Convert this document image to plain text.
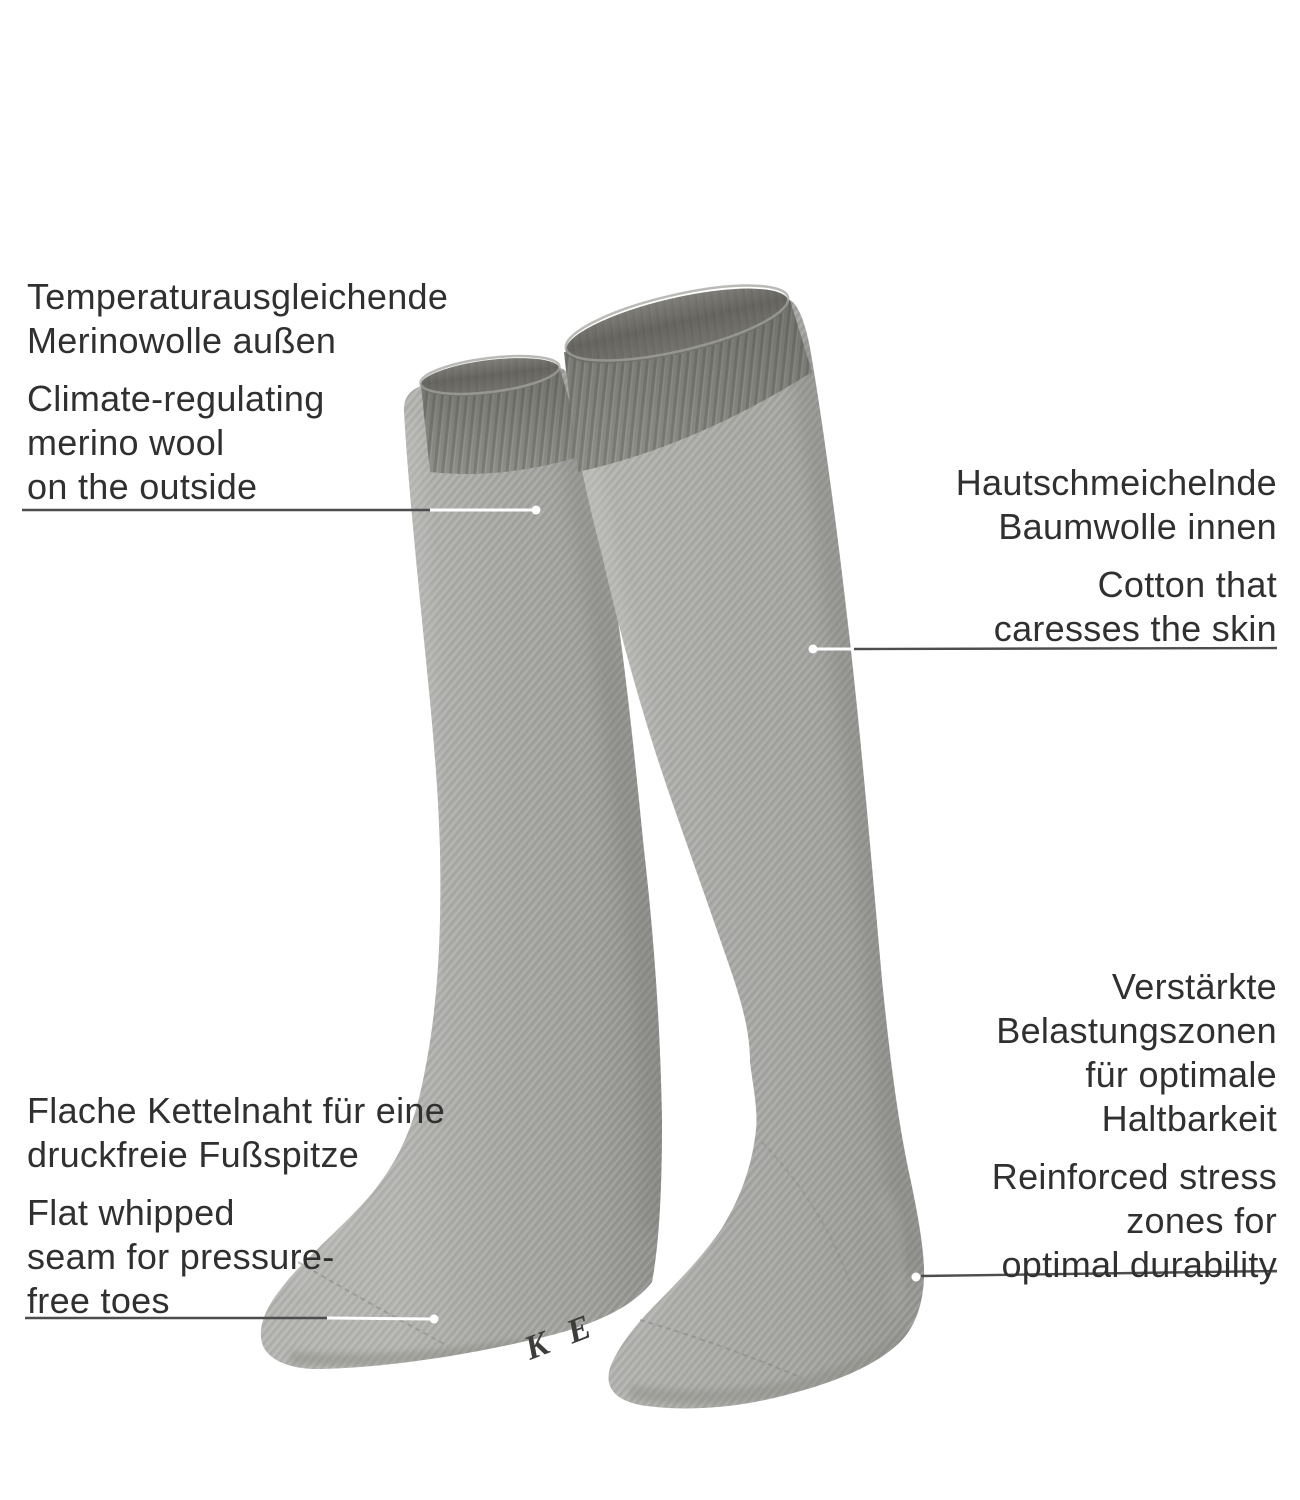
K E
Temperaturausgleichende
Merinowolle außen
Climate-regulating
merino wool
on the outside	Hautschmeichelnde
Baumwolle innen
Cotton that
caresses the skin
Verstärkte
Belastungszonen
für optimale
Haltbarkeit
Reinforced stress
zones for
optimal durability
Flache Kettelnaht für eine
druckfreie Fußspitze
Flat whipped
seam for pressure-
free toes
